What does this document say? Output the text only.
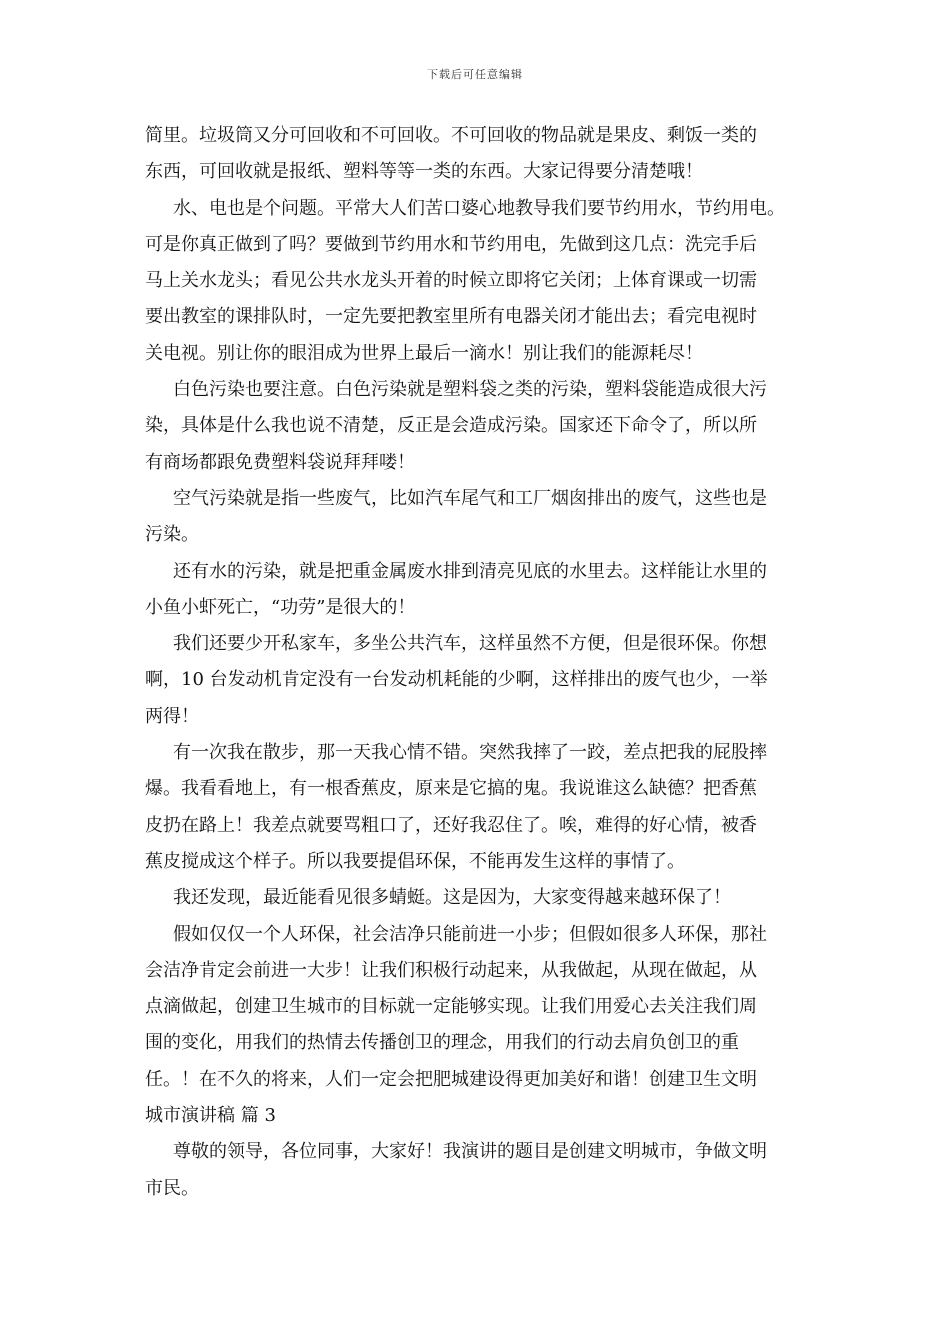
下载后可任意编辑
简里。垃圾筒又分可回收和不可回收。不可回收的物品就是果皮、剩饭一类的
东西，可回收就是报纸、塑料等等一类的东西。大家记得要分清楚哦！
水、电也是个问题。平常大人们苦口婆心地教导我们要节约用水，节约用电。
可是你真正做到了吗？要做到节约用水和节约用电，先做到这几点：洗完手后
马上关水龙头；看见公共水龙头开着的时候立即将它关闭；上体育课或一切需
要出教室的课排队时，一定先要把教室里所有电器关闭才能出去；看完电视时
关电视。别让你的眼泪成为世界上最后一滴水！别让我们的能源耗尽！
白色污染也要注意。白色污染就是塑料袋之类的污染，塑料袋能造成很大污
染，具体是什么我也说不清楚，反正是会造成污染。国家还下命令了，所以所
有商场都跟免费塑料袋说拜拜喽！
空气污染就是指一些废气，比如汽车尾气和工厂烟囱排出的废气，这些也是
污染。
还有水的污染，就是把重金属废水排到清亮见底的水里去。这样能让水里的
小鱼小虾死亡，“功劳”是很大的！
我们还要少开私家车，多坐公共汽车，这样虽然不方便，但是很环保。你想
啊，10 台发动机肯定没有一台发动机耗能的少啊，这样排出的废气也少，一举
两得！
有一次我在散步，那一天我心情不错。突然我摔了一跤，差点把我的屁股摔
爆。我看看地上，有一根香蕉皮，原来是它搞的鬼。我说谁这么缺德？把香蕉
皮扔在路上！我差点就要骂粗口了，还好我忍住了。唉，难得的好心情，被香
蕉皮搅成这个样子。所以我要提倡环保，不能再发生这样的事情了。
我还发现，最近能看见很多蜻蜓。这是因为，大家变得越来越环保了！
假如仅仅一个人环保，社会洁净只能前进一小步；但假如很多人环保，那社
会洁净肯定会前进一大步！让我们积极行动起来，从我做起，从现在做起，从
点滴做起，创建卫生城市的目标就一定能够实现。让我们用爱心去关注我们周
围的变化，用我们的热情去传播创卫的理念，用我们的行动去肩负创卫的重
任。！在不久的将来，人们一定会把肥城建设得更加美好和谐！创建卫生文明
城市演讲稿 篇 3
尊敬的领导，各位同事，大家好！我演讲的题目是创建文明城市，争做文明
市民。
